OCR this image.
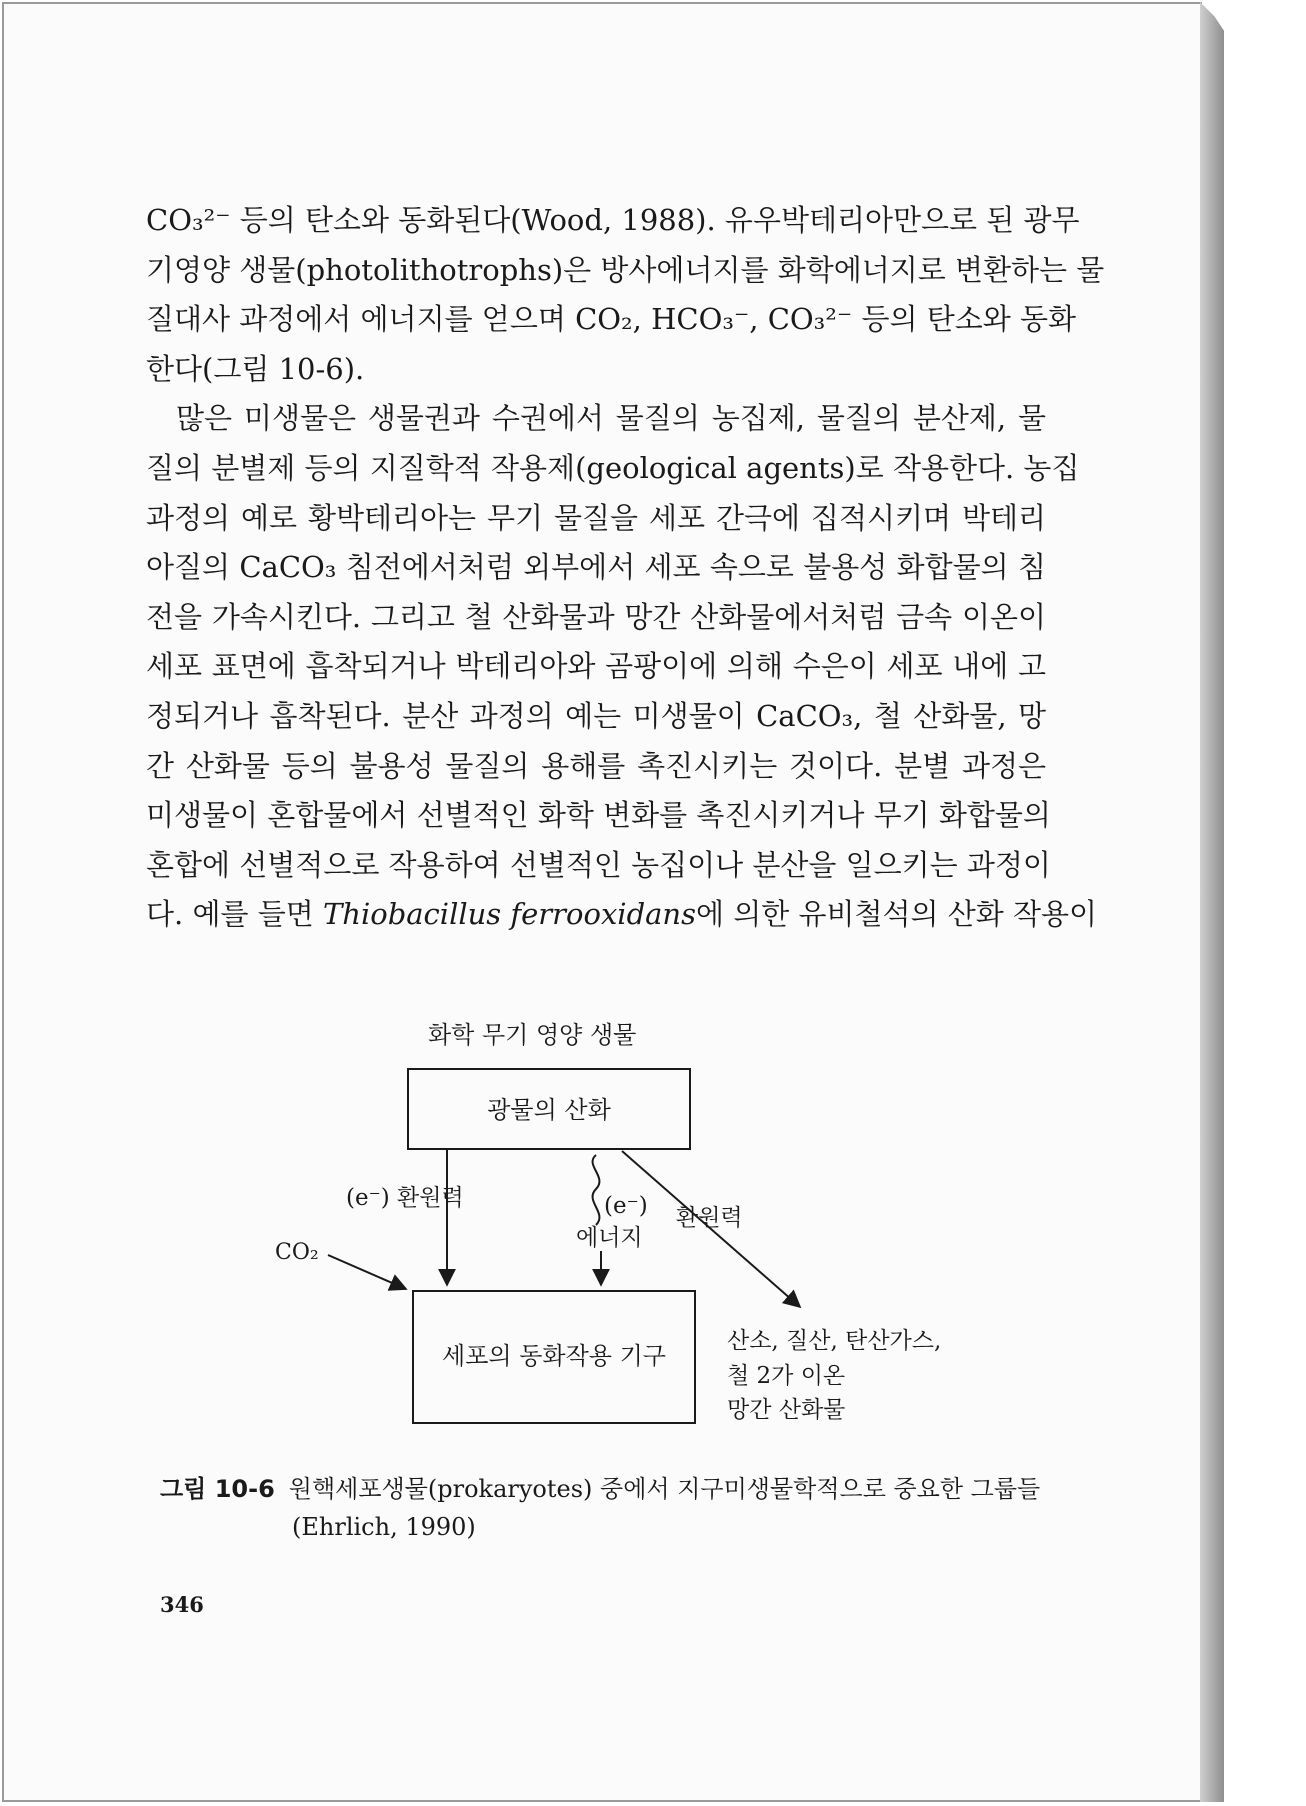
CO₃²⁻ 등의 탄소와 동화된다(Wood, 1988). 유우박테리아만으로 된 광무
기영양 생물(photolithotrophs)은 방사에너지를 화학에너지로 변환하는 물
질대사 과정에서 에너지를 얻으며 CO₂, HCO₃⁻, CO₃²⁻ 등의 탄소와 동화
한다(그림 10-6).
많은 미생물은 생물권과 수권에서 물질의 농집제, 물질의 분산제, 물
질의 분별제 등의 지질학적 작용제(geological agents)로 작용한다. 농집
과정의 예로 황박테리아는 무기 물질을 세포 간극에 집적시키며 박테리
아질의 CaCO₃ 침전에서처럼 외부에서 세포 속으로 불용성 화합물의 침
전을 가속시킨다. 그리고 철 산화물과 망간 산화물에서처럼 금속 이온이
세포 표면에 흡착되거나 박테리아와 곰팡이에 의해 수은이 세포 내에 고
정되거나 흡착된다. 분산 과정의 예는 미생물이 CaCO₃, 철 산화물, 망
간 산화물 등의 불용성 물질의 용해를 촉진시키는 것이다. 분별 과정은
미생물이 혼합물에서 선별적인 화학 변화를 촉진시키거나 무기 화합물의
혼합에 선별적으로 작용하여 선별적인 농집이나 분산을 일으키는 과정이
다. 예를 들면 Thiobacillus ferrooxidans에 의한 유비철석의 산화 작용이
화학 무기 영양 생물
광물의 산화
세포의 동화작용 기구
(e⁻) 환원력	(e⁻)
에너지
환원력
CO₂
산소, 질산, 탄산가스,
철 2가 이온
망간 산화물
그림 10-6 원핵세포생물(prokaryotes) 중에서 지구미생물학적으로 중요한 그룹들
(Ehrlich, 1990)
346
